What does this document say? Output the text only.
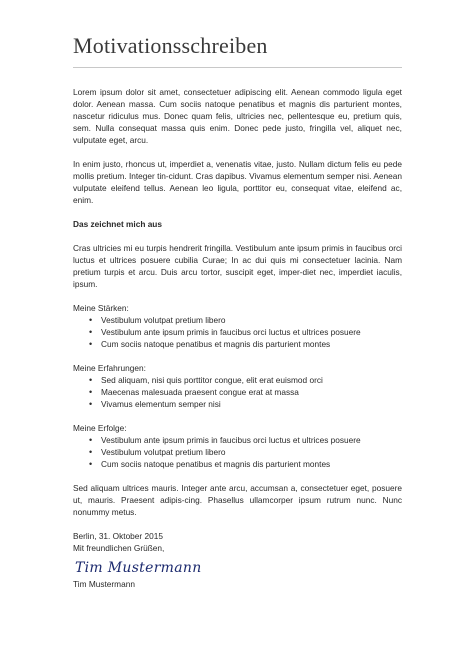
Motivationsschreiben

Lorem ipsum dolor sit amet, consectetuer adipiscing elit. Aenean commodo ligula eget dolor. Aenean massa. Cum sociis natoque penatibus et magnis dis parturient montes, nascetur ridiculus mus. Donec quam felis, ultricies nec, pellentesque eu, pretium quis, sem. Nulla consequat massa quis enim. Donec pede justo, fringilla vel, aliquet nec, vulputate eget, arcu.

In enim justo, rhoncus ut, imperdiet a, venenatis vitae, justo. Nullam dictum felis eu pede mollis pretium. Integer tin-cidunt. Cras dapibus. Vivamus elementum semper nisi. Aenean vulputate eleifend tellus. Aenean leo ligula, porttitor eu, consequat vitae, eleifend ac, enim.

Das zeichnet mich aus

Cras ultricies mi eu turpis hendrerit fringilla. Vestibulum ante ipsum primis in faucibus orci luctus et ultrices posuere cubilia Curae; In ac dui quis mi consectetuer lacinia. Nam pretium turpis et arcu. Duis arcu tortor, suscipit eget, imper-diet nec, imperdiet iaculis, ipsum.

Meine Stärken:

• Vestibulum volutpat pretium libero
• Vestibulum ante ipsum primis in faucibus orci luctus et ultrices posuere
• Cum sociis natoque penatibus et magnis dis parturient montes

Meine Erfahrungen:

• Sed aliquam, nisi quis porttitor congue, elit erat euismod orci
• Maecenas malesuada praesent congue erat at massa
• Vivamus elementum semper nisi

Meine Erfolge:

• Vestibulum ante ipsum primis in faucibus orci luctus et ultrices posuere
• Vestibulum volutpat pretium libero
• Cum sociis natoque penatibus et magnis dis parturient montes

Sed aliquam ultrices mauris. Integer ante arcu, accumsan a, consectetuer eget, posuere ut, mauris. Praesent adipis-cing. Phasellus ullamcorper ipsum rutrum nunc. Nunc nonummy metus.

Berlin, 31. Oktober 2015

Mit freundlichen Grüßen,

Tim Mustermann

Tim Mustermann
